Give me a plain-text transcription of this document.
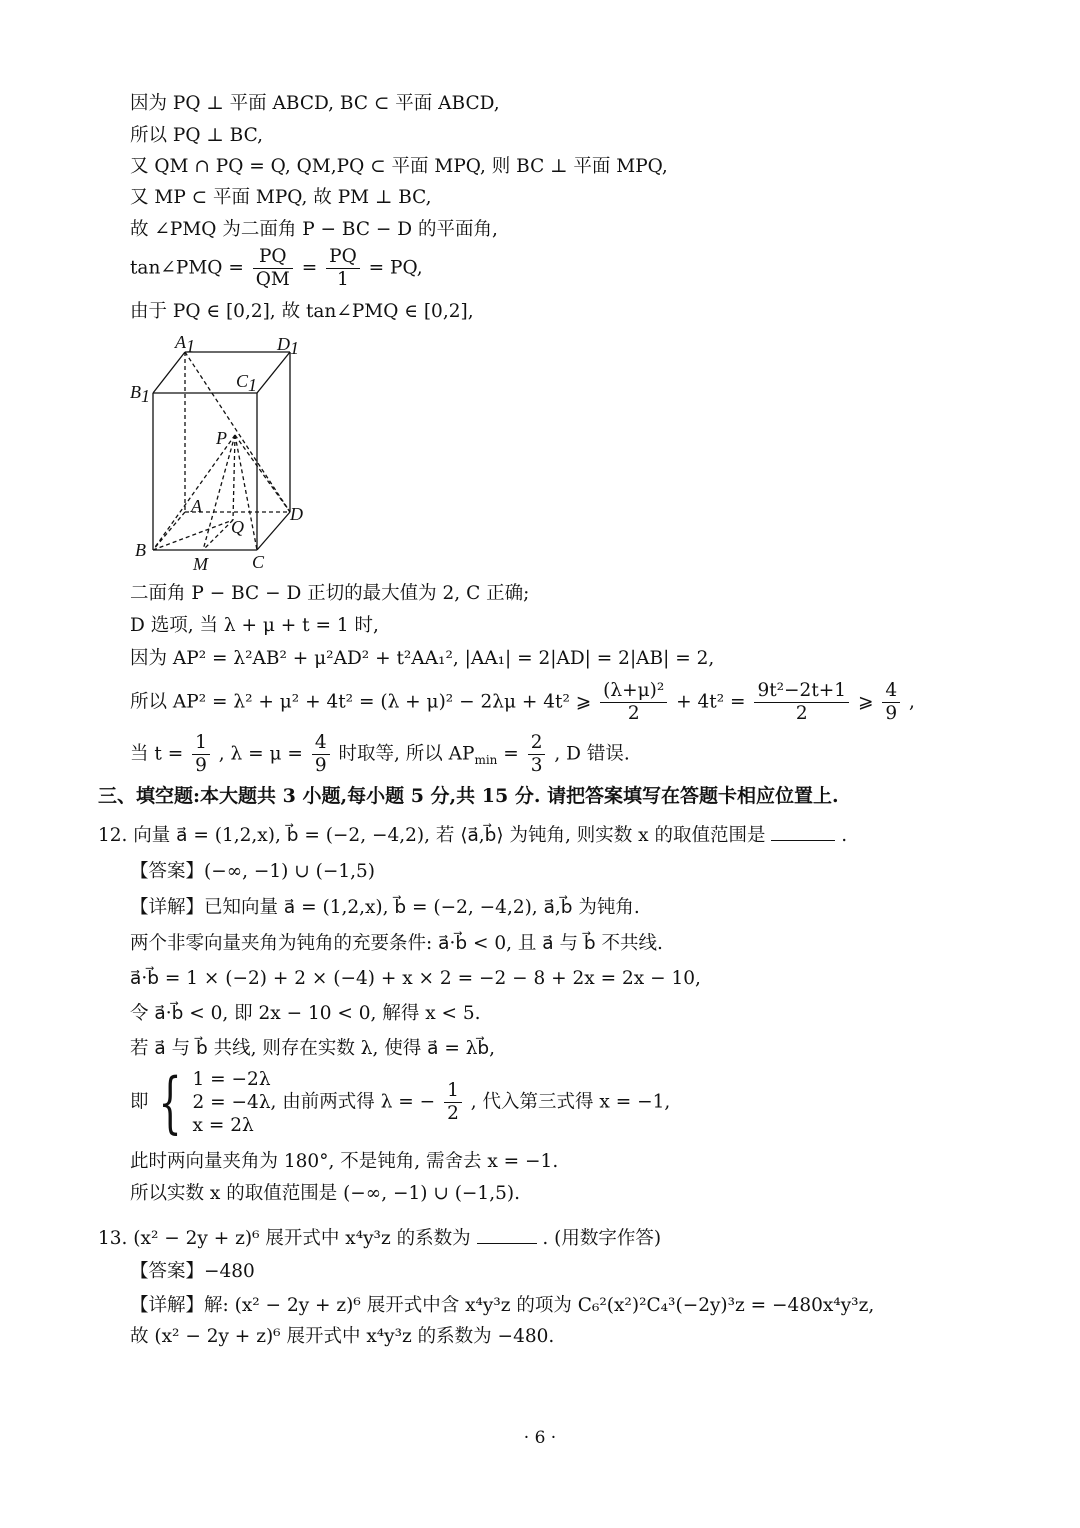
因为 PQ ⊥ 平面 ABCD, BC ⊂ 平面 ABCD,
所以 PQ ⊥ BC,
又 QM ∩ PQ = Q, QM,PQ ⊂ 平面 MPQ, 则 BC ⊥ 平面 MPQ,
又 MP ⊂ 平面 MPQ, 故 PM ⊥ BC,
故 ∠PMQ 为二面角 P − BC − D 的平面角,
tan∠PMQ = $\frac{PQ}{QM} = \frac{PQ}{1}$ = PQ,
由于 PQ ∈ [0,2], 故 tan∠PMQ ∈ [0,2],
A1	D1
C1
B1
P
A
Q
D
B
M C
二面角 P − BC − D 正切的最大值为 2, C 正确;
D 选项, 当 λ + μ + t = 1 时,
因为 AP² = λ²AB² + μ²AD² + t²AA₁², |AA₁| = 2|AD| = 2|AB| = 2,
所以 AP² = λ² + μ² + 4t² = (λ + μ)² − 2λμ + 4t² ⩾ $\frac{\text{(λ+μ)²}}{2} + 4t^2 = \frac{\text{9t²−2t+1}}{2}$ ⩾ $\frac{4}{9}$ ,
当 $t = \frac{1}{9}$ , $\lambda = \mu = \frac{4}{9}$ 时取等, 所以 $AP_{min} = \frac{2}{3}$ , D 错误.
三、填空题:本大题共 3 小题,每小题 5 分,共 15 分. 请把答案填写在答题卡相应位置上.
12. 向量 a⃗ = (1,2,x), b⃗ = (−2, −4,2), 若 ⟨a⃗,b⃗⟩ 为钝角, 则实数 x 的取值范围是	.
【答案】(−∞, −1) ∪ (−1,5)
【详解】已知向量 a⃗ = (1,2,x), b⃗ = (−2, −4,2), a⃗,b⃗ 为钝角.
两个非零向量夹角为钝角的充要条件: a⃗·b⃗ < 0, 且 a⃗ 与 b⃗ 不共线.
a⃗·b⃗ = 1 × (−2) + 2 × (−4) + x × 2 = −2 − 8 + 2x = 2x − 10,
令 a⃗·b⃗ < 0, 即 2x − 10 < 0, 解得 x < 5.
若 a⃗ 与 b⃗ 共线, 则存在实数 λ, 使得 a⃗ = λb⃗,
即 { 1 = −2λ
2 = −4λ
x = 2λ
, 由前两式得 λ = − $\frac{1}{2}$ , 代入第三式得 x = −1,
此时两向量夹角为 180°, 不是钝角, 需舍去 x = −1.
所以实数 x 的取值范围是 (−∞, −1) ∪ (−1,5).
13. (x² − 2y + z)⁶ 展开式中 x⁴y³z 的系数为	. (用数字作答)
【答案】−480
【详解】解: (x² − 2y + z)⁶ 展开式中含 x⁴y³z 的项为 C₆²(x²)²C₄³(−2y)³z = −480x⁴y³z,
故 (x² − 2y + z)⁶ 展开式中 x⁴y³z 的系数为 −480.
· 6 ·
